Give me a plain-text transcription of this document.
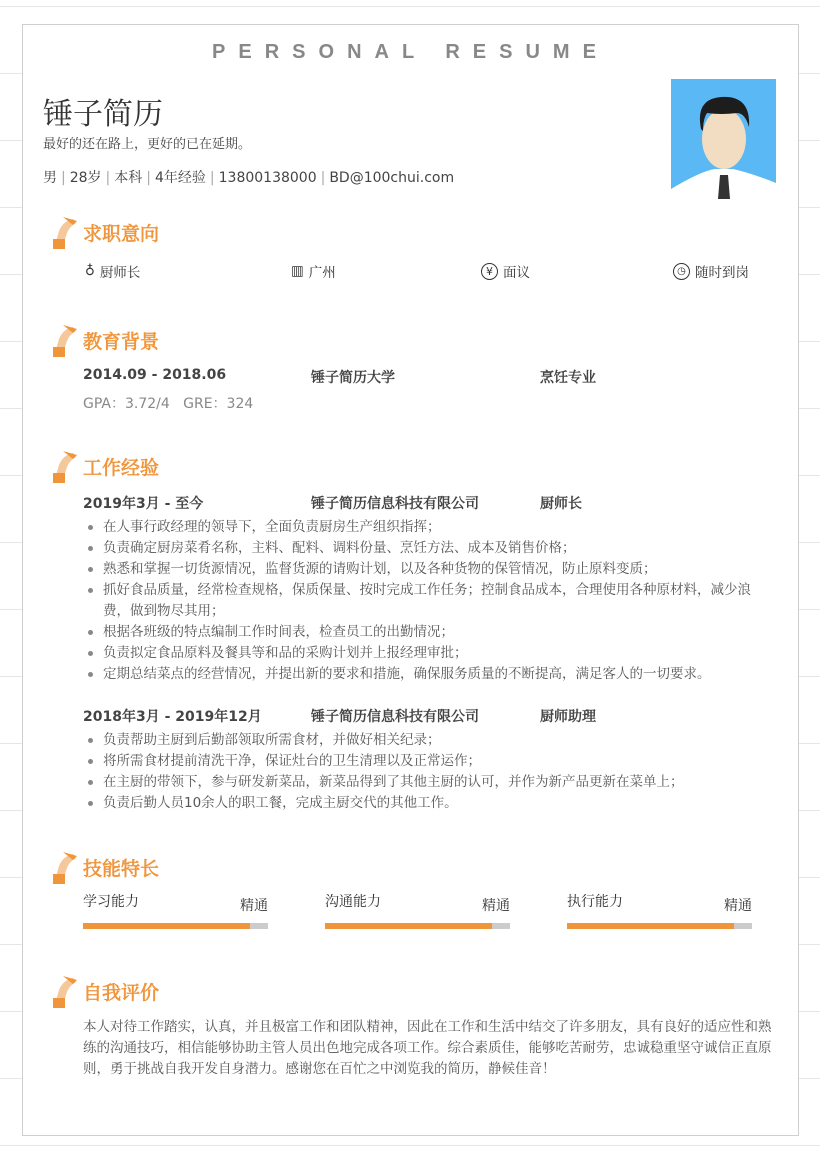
PERSONAL RESUME
锤子简历
最好的还在路上，更好的已在延期。
男 | 28岁 | 本科 | 4年经验 | 13800138000 | BD@100chui.com
求职意向
教育背景
工作经验
技能特长
自我评价
♁ 厨师长	▥ 广州	¥ 面议	◷ 随时到岗
2014.09 - 2018.06	锤子简历大学	烹饪专业
GPA：3.72/4   GRE：324
2019年3月 - 至今	锤子简历信息科技有限公司	厨师长
在人事行政经理的领导下，全面负责厨房生产组织指挥；
负责确定厨房菜肴名称，主料、配料、调料份量、烹饪方法、成本及销售价格；
熟悉和掌握一切货源情况，监督货源的请购计划，以及各种货物的保管情况，防止原料变质；
抓好食品质量，经常检查规格，保质保量、按时完成工作任务；控制食品成本，合理使用各种原材料，减少浪费，做到物尽其用；
根据各班级的特点编制工作时间表，检查员工的出勤情况；
负责拟定食品原料及餐具等和品的采购计划并上报经理审批；
定期总结菜点的经营情况，并提出新的要求和措施，确保服务质量的不断提高，满足客人的一切要求。
2018年3月 - 2019年12月	锤子简历信息科技有限公司	厨师助理
负责帮助主厨到后勤部领取所需食材，并做好相关纪录；
将所需食材提前清洗干净，保证灶台的卫生清理以及正常运作；
在主厨的带领下，参与研发新菜品，新菜品得到了其他主厨的认可，并作为新产品更新在菜单上；
负责后勤人员10余人的职工餐，完成主厨交代的其他工作。
学习能力	精通	沟通能力	精通	执行能力	精通
本人对待工作踏实，认真，并且极富工作和团队精神，因此在工作和生活中结交了许多朋友，具有良好的适应性和熟练的沟通技巧，相信能够协助主管人员出色地完成各项工作。综合素质佳，能够吃苦耐劳，忠诚稳重坚守诚信正直原则，勇于挑战自我开发自身潜力。感谢您在百忙之中浏览我的简历，静候佳音！
